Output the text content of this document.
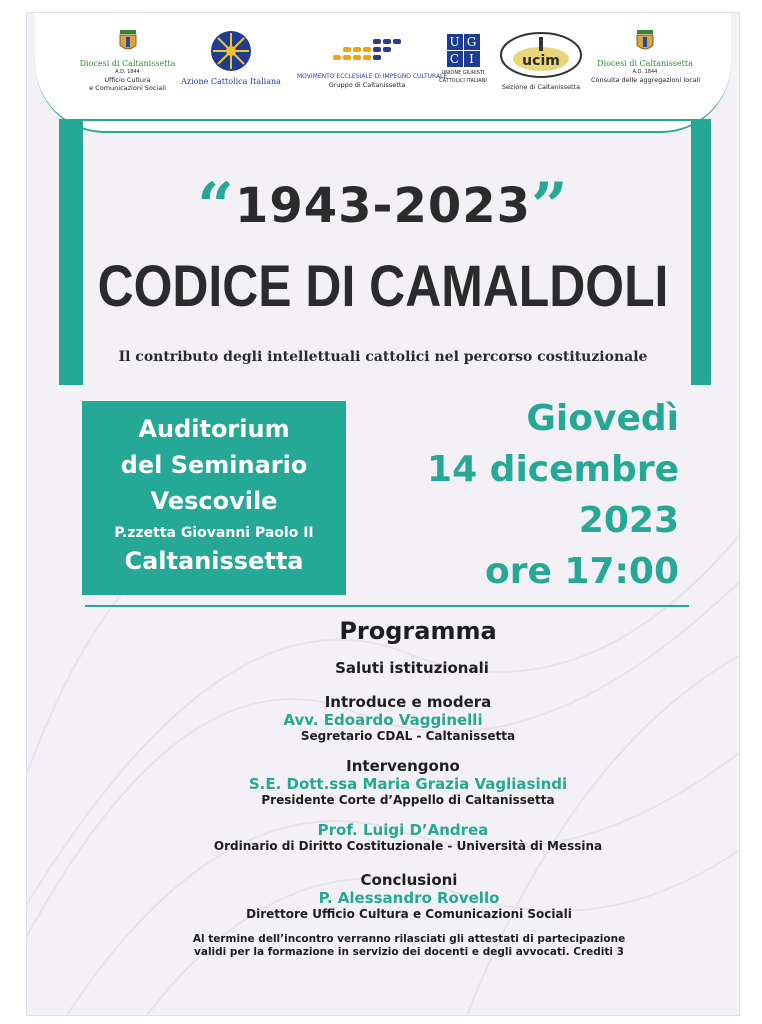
Diocesi di Caltanissetta
A.D. 1844
Ufficio Cultura
e Comunicazioni Sociali
Azione Cattolica Italiana
MOVIMENTO ECCLESIALE DI IMPEGNO CULTURALE
Gruppo di Caltanissetta
U G
C I
UNIONE GIURISTI
CATTOLICI ITALIANI
ucim
Sezione di Caltanissetta
Diocesi di Caltanissetta
A.D. 1844
Consulta delle aggregazioni locali
“1943-2023”
CODICE DI CAMALDOLI
Il contributo degli intellettuali cattolici nel percorso costituzionale
Auditorium
del Seminario
Vescovile
P.zzetta Giovanni Paolo II
Caltanissetta
Giovedì
14 dicembre
2023
ore 17:00
Programma
Saluti istituzionali
Introduce e modera
Avv. Edoardo Vagginelli
Segretario CDAL - Caltanissetta
Intervengono
S.E. Dott.ssa Maria Grazia Vagliasindi
Presidente Corte d’Appello di Caltanissetta
Prof. Luigi D’Andrea
Ordinario di Diritto Costituzionale - Università di Messina
Conclusioni
P. Alessandro Rovello
Direttore Ufficio Cultura e Comunicazioni Sociali
Al termine dell’incontro verranno rilasciati gli attestati di partecipazione
validi per la formazione in servizio dei docenti e degli avvocati. Crediti 3
